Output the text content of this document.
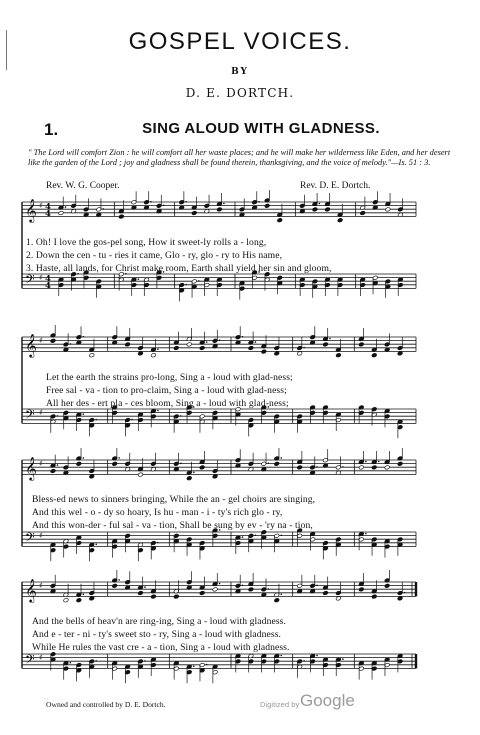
GOSPEL VOICES.
BY
D. E. DORTCH.
1.	SING ALOUD WITH GLADNESS.
" The Lord will comfort Zion : he will comfort all her waste places; and he will make her wilderness like Eden, and her desert like the garden of the Lord ; joy and gladness shall be found therein, thanksgiving, and the voice of melody."—Is. 51 : 3.
Rev. W. G. Cooper.	Rev. D. E. Dortch.
𝄞
𝄢
♯
♯
4
4
4
4
1. Oh! I love the gos-pel song, How it sweet-ly rolls a - long,
2. Down the cen - tu - ries it came, Glo - ry, glo - ry to His name,
3. Haste, all lands, for Christ make room, Earth shall yield her sin and gloom,
𝄞
𝄢
♯
♯
Let the earth the strains pro-long, Sing a - loud with glad-ness;
Free sal - va - tion to pro-claim, Sing a - loud with glad-ness;
All her des - ert pla - ces bloom, Sing a - loud with glad-ness;
𝄞
𝄢
♯
♯
Bless-ed news to sinners bringing, While the an - gel choirs are singing,
And this wel - o - dy so hoary, Is hu - man - i - ty's rich glo - ry,
And this won-der - ful sal - va - tion, Shall be sung by ev - 'ry na - tion,
𝄞
𝄢
♯
♯
And the bells of heav'n are ring-ing, Sing a - loud with gladness.
And e - ter - ni - ty's sweet sto - ry, Sing a - loud with gladness.
While He rules the vast cre - a - tion, Sing a - loud with gladness.
Owned and controlled by D. E. Dortch.	Digitized by Google
